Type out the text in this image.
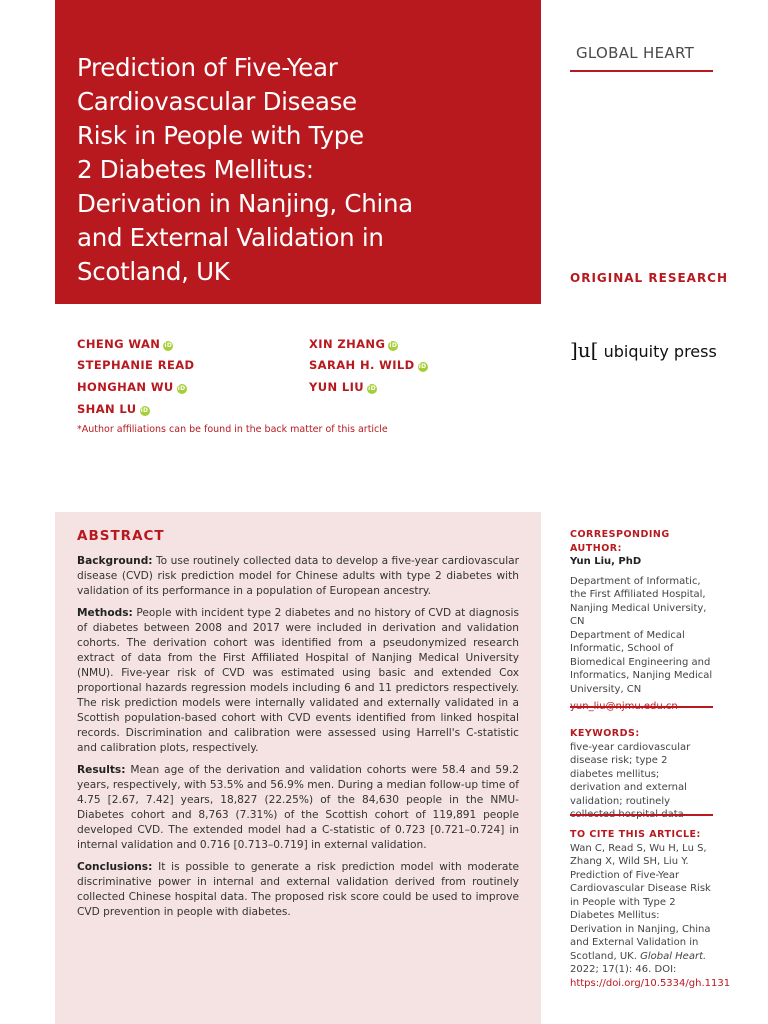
Prediction of Five-Year
Cardiovascular Disease
Risk in People with Type
2 Diabetes Mellitus:
Derivation in Nanjing, China
and External Validation in
Scotland, UK
GLOBAL HEART
ORIGINAL RESEARCH
]u[ ubiquity press
CHENG WAN iD
STEPHANIE READ
HONGHAN WU iD
SHAN LU iD
XIN ZHANG iD
SARAH H. WILD iD
YUN LIU iD
*Author affiliations can be found in the back matter of this article
ABSTRACT

Background: To use routinely collected data to develop a five-year cardiovascular disease (CVD) risk prediction model for Chinese adults with type 2 diabetes with validation of its performance in a population of European ancestry.

Methods: People with incident type 2 diabetes and no history of CVD at diagnosis of diabetes between 2008 and 2017 were included in derivation and validation cohorts. The derivation cohort was identified from a pseudonymized research extract of data from the First Affiliated Hospital of Nanjing Medical University (NMU). Five-year risk of CVD was estimated using basic and extended Cox proportional hazards regression models including 6 and 11 predictors respectively. The risk prediction models were internally validated and externally validated in a Scottish population-based cohort with CVD events identified from linked hospital records. Discrimination and calibration were assessed using Harrell's C-statistic and calibration plots, respectively.

Results: Mean age of the derivation and validation cohorts were 58.4 and 59.2 years, respectively, with 53.5% and 56.9% men. During a median follow-up time of 4.75 [2.67, 7.42] years, 18,827 (22.25%) of the 84,630 people in the NMU-Diabetes cohort and 8,763 (7.31%) of the Scottish cohort of 119,891 people developed CVD. The extended model had a C-statistic of 0.723 [0.721–0.724] in internal validation and 0.716 [0.713–0.719] in external validation.

Conclusions: It is possible to generate a risk prediction model with moderate discriminative power in internal and external validation derived from routinely collected Chinese hospital data. The proposed risk score could be used to improve CVD prevention in people with diabetes.

CORRESPONDING AUTHOR:

Yun Liu, PhD

Department of Informatic, the First Affiliated Hospital, Nanjing Medical University, CN

Department of Medical Informatic, School of Biomedical Engineering and Informatics, Nanjing Medical University, CN

KEYWORDS:

five-year cardiovascular disease risk; type 2 diabetes mellitus; derivation and external validation; routinely

TO CITE THIS ARTICLE:

Wan C, Read S, Wu H, Lu S, Zhang X, Wild SH, Liu Y. Prediction of Five-Year Cardiovascular Disease Risk in People with Type 2 Diabetes Mellitus: Derivation in Nanjing, China and External Validation in Scotland, UK. Global Heart. 2022; 17(1): 46. DOI: https://doi.org/10.5334/gh.1131
